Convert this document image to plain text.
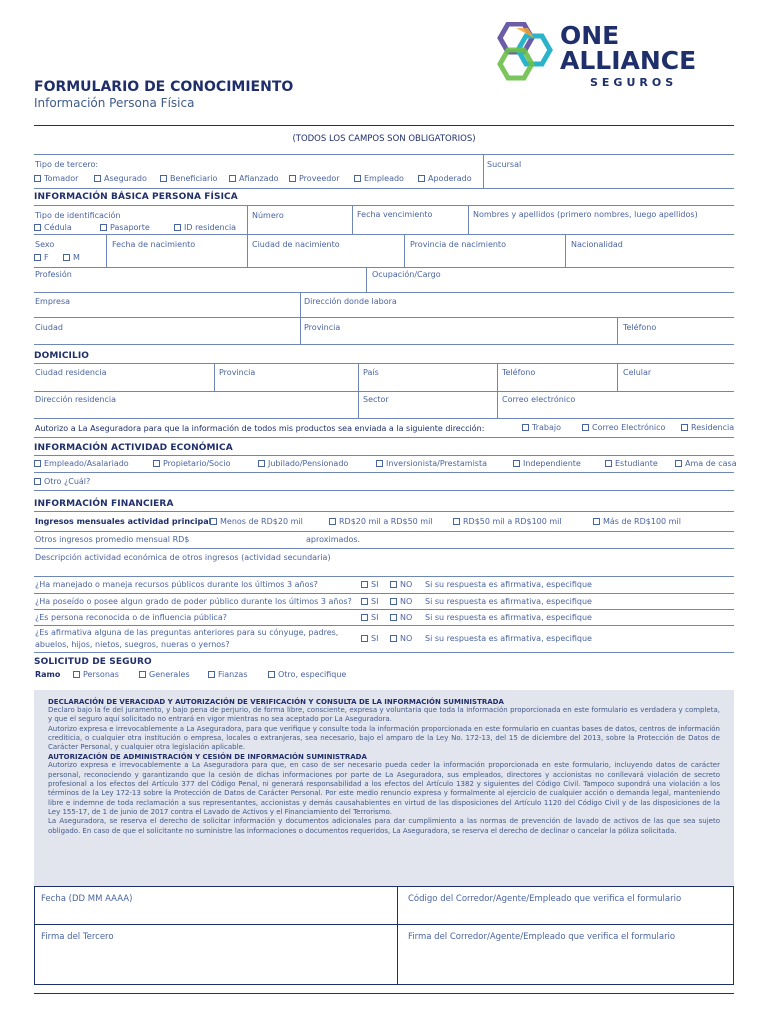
ONE
ALLIANCE
SEGUROS
FORMULARIO DE CONOCIMIENTO
Información Persona Física
(TODOS LOS CAMPOS SON OBLIGATORIOS)
Tipo de tercero:	Sucursal
Tomador	Asegurado	Beneficiario	Afianzado	Proveedor	Empleado	Apoderado
INFORMACIÓN BÁSICA PERSONA FÍSICA
Tipo de identificación
Cédula	Pasaporte	ID residencia
Número	Fecha vencimiento	Nombres y apellidos (primero nombres, luego apellidos)
Sexo
F	M
Fecha de nacimiento	Ciudad de nacimiento	Provincia de nacimiento	Nacionalidad
Profesión	Ocupación/Cargo
Empresa	Dirección donde labora
Ciudad	Provincia	Teléfono
DOMICILIO
Ciudad residencia	Provincia	País	Teléfono	Celular
Dirección residencia	Sector	Correo electrónico
Autorizo a La Aseguradora para que la información de todos mis productos sea enviada a la siguiente dirección:	Trabajo	Correo Electrónico	Residencia
INFORMACIÓN ACTIVIDAD ECONÓMICA
Empleado/Asalariado	Propietario/Socio	Jubilado/Pensionado	Inversionista/Prestamista	Independiente	Estudiante	Ama de casa
Otro ¿Cuál?
INFORMACIÓN FINANCIERA
Ingresos mensuales actividad principal	Menos de RD$20 mil	RD$20 mil a RD$50 mil	RD$50 mil a RD$100 mil	Más de RD$100 mil
Otros ingresos promedio mensual RD$	aproximados.
Descripción actividad económica de otros ingresos (actividad secundaria)
¿Ha manejado o maneja recursos públicos durante los últimos 3 años?	SI	NO Si su respuesta es afirmativa, especifique
¿Ha poseído o posee algun grado de poder público durante los últimos 3 años?	SI	NO Si su respuesta es afirmativa, especifique
¿Es persona reconocida o de influencia pública?	SI	NO Si su respuesta es afirmativa, especifique
¿Es afirmativa alguna de las preguntas anteriores para su cónyuge, padres,
abuelos, hijos, nietos, suegros, nueras o yernos?
SI	NO Si su respuesta es afirmativa, especifique
SOLICITUD DE SEGURO
Ramo	Personas	Generales	Fianzas	Otro, especifique
DECLARACIÓN DE VERACIDAD Y AUTORIZACIÓN DE VERIFICACIÓN Y CONSULTA DE LA INFORMACIÓN SUMINISTRADA
Declaro bajo la fe del juramento, y bajo pena de perjurio, de forma libre, consciente, expresa y voluntaria que toda la información proporcionada en este formulario es verdadera y completa, y que el seguro aquí solicitado no entrará en vigor mientras no sea aceptado por La Aseguradora.
Autorizo expresa e irrevocablemente a La Aseguradora, para que verifique y consulte toda la información proporcionada en este formulario en cuantas bases de datos, centros de información crediticia, o cualquier otra institución o empresa, locales o extranjeras, sea necesario, bajo el amparo de la Ley No. 172-13, del 15 de diciembre del 2013, sobre la Protección de Datos de Carácter Personal, y cualquier otra legislación aplicable.
AUTORIZACIÓN DE ADMINISTRACIÓN Y CESIÓN DE INFORMACIÓN SUMINISTRADA
Autorizo expresa e irrevocablemente a La Aseguradora para que, en caso de ser necesario pueda ceder la información proporcionada en este formulario, incluyendo datos de carácter personal, reconociendo y garantizando que la cesión de dichas informaciones por parte de La Aseguradora, sus empleados, directores y accionistas no conllevará violación de secreto profesional a los efectos del Artículo 377 del Código Penal, ni generará responsabilidad a los efectos del Artículo 1382 y siguientes del Código Civil. Tampoco supondrá una violación a los términos de la Ley 172-13 sobre la Protección de Datos de Carácter Personal. Por este medio renuncio expresa y formalmente al ejercicio de cualquier acción o demanda legal, manteniendo libre e indemne de toda reclamación a sus representantes, accionistas y demás causahabientes en virtud de las disposiciones del Artículo 1120 del Código Civil y de las disposiciones de la Ley 155-17, de 1 de junio de 2017 contra el Lavado de Activos y el Financiamiento del Terrorismo.
La Aseguradora, se reserva el derecho de solicitar información y documentos adicionales para dar cumplimiento a las normas de prevención de lavado de activos de las que sea sujeto obligado. En caso de que el solicitante no suministre las informaciones o documentos requeridos, La Aseguradora, se reserva el derecho de declinar o cancelar la póliza solicitada.
Fecha (DD MM AAAA)	Código del Corredor/Agente/Empleado que verifica el formulario
Firma del Tercero	Firma del Corredor/Agente/Empleado que verifica el formulario
